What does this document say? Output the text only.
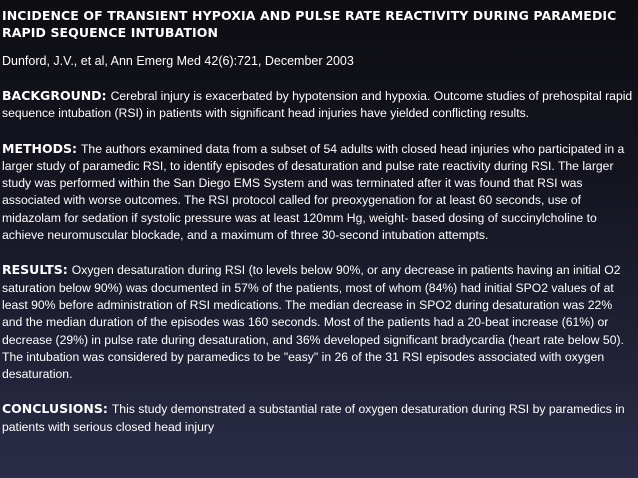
INCIDENCE OF TRANSIENT HYPOXIA AND PULSE RATE REACTIVITY DURING PARAMEDIC RAPID SEQUENCE INTUBATION
Dunford, J.V., et al, Ann Emerg Med 42(6):721, December 2003
BACKGROUND: Cerebral injury is exacerbated by hypotension and hypoxia. Outcome studies of prehospital rapid sequence intubation (RSI) in patients with significant head injuries have yielded conflicting results.
METHODS: The authors examined data from a subset of 54 adults with closed head injuries who participated in a larger study of paramedic RSI, to identify episodes of desaturation and pulse rate reactivity during RSI. The larger study was performed within the San Diego EMS System and was terminated after it was found that RSI was associated with worse outcomes. The RSI protocol called for preoxygenation for at least 60 seconds, use of midazolam for sedation if systolic pressure was at least 120mm Hg, weight- based dosing of succinylcholine to achieve neuromuscular blockade, and a maximum of three 30-second intubation attempts.
RESULTS: Oxygen desaturation during RSI (to levels below 90%, or any decrease in patients having an initial O2 saturation below 90%) was documented in 57% of the patients, most of whom (84%) had initial SPO2 values of at least 90% before administration of RSI medications. The median decrease in SPO2 during desaturation was 22% and the median duration of the episodes was 160 seconds. Most of the patients had a 20-beat increase (61%) or decrease (29%) in pulse rate during desaturation, and 36% developed significant bradycardia (heart rate below 50). The intubation was considered by paramedics to be "easy" in 26 of the 31 RSI episodes associated with oxygen desaturation.
CONCLUSIONS: This study demonstrated a substantial rate of oxygen desaturation during RSI by paramedics in patients with serious closed head injury
